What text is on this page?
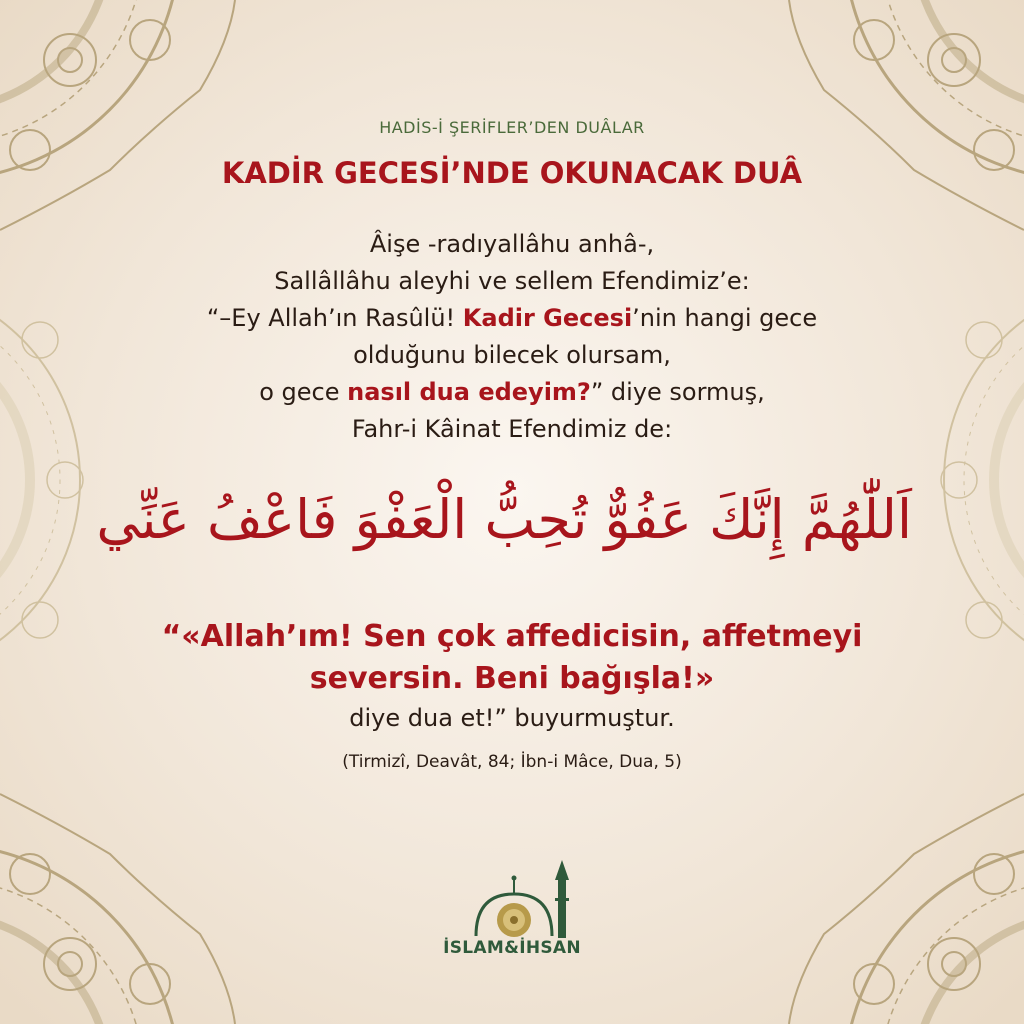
HADİS-İ ŞERİFLER’DEN DUÂLAR
KADİR GECESİ’NDE OKUNACAK DUÂ
Âişe -radıyallâhu anhâ-,
Sallâllâhu aleyhi ve sellem Efendimiz’e:
“–Ey Allah’ın Rasûlü! Kadir Gecesi’nin hangi gece
olduğunu bilecek olursam,
o gece nasıl dua edeyim?” diye sormuş,
Fahr-i Kâinat Efendimiz de:
اَللّٰهُمَّ إِنَّكَ عَفُوٌّ تُحِبُّ الْعَفْوَ فَاعْفُ عَنِّي
“«Allah’ım! Sen çok affedicisin, affetmeyi
seversin. Beni bağışla!»
diye dua et!” buyurmuştur.
(Tirmizî, Deavât, 84; İbn-i Mâce, Dua, 5)
İSLAM&İHSAN
